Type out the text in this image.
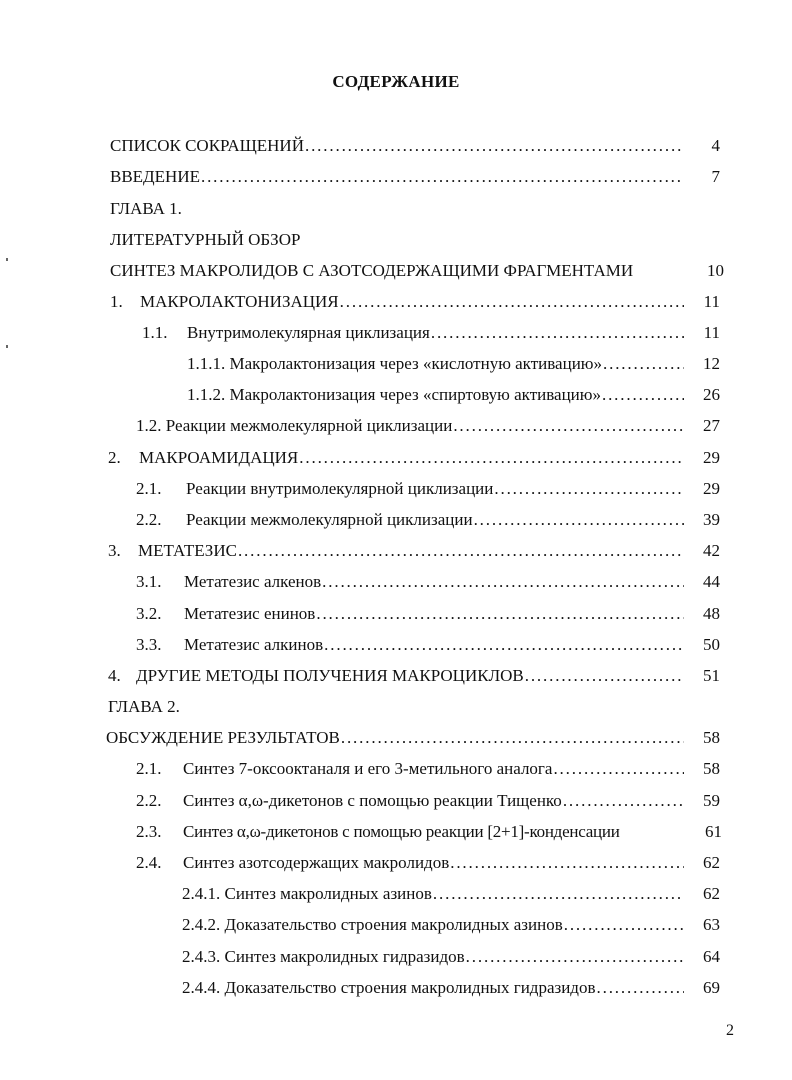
СОДЕРЖАНИЕ
СПИСОК СОКРАЩЕНИЙ . . .	4
ВВЕДЕНИЕ . . .	7
ГЛАВА 1.
ЛИТЕРАТУРНЫЙ ОБЗОР
СИНТЕЗ МАКРОЛИДОВ С АЗОТСОДЕРЖАЩИМИ ФРАГМЕНТАМИ	10
1.	МАКРОЛАКТОНИЗАЦИЯ . . .	11
1.1.	Внутримолекулярная циклизация . . .	11
1.1.1. Макролактонизация через «кислотную активацию» . . .	12
1.1.2. Макролактонизация через «спиртовую активацию» . . .	26
1.2. Реакции межмолекулярной циклизации . . .	27
2.	МАКРОАМИДАЦИЯ . . .	29
2.1.	Реакции внутримолекулярной циклизации . . .	29
2.2.	Реакции межмолекулярной циклизации . . .	39
3.	МЕТАТЕЗИС . . .	42
3.1.	Метатезис алкенов . . .	44
3.2.	Метатезис енинов . . .	48
3.3.	Метатезис алкинов . . .	50
4. ДРУГИЕ МЕТОДЫ ПОЛУЧЕНИЯ МАКРОЦИКЛОВ . . .	51
ГЛАВА 2.
ОБСУЖДЕНИЕ РЕЗУЛЬТАТОВ . . .	58
2.1.	Синтез 7-оксооктаналя и его 3-метильного аналога . . .	58
2.2.	Синтез α,ω-дикетонов с помощью реакции Тищенко . . .	59
2.3.	Синтез α,ω-дикетонов с помощью реакции [2+1]-конденсации	61
2.4.	Синтез азотсодержащих макролидов . . .	62
2.4.1. Синтез макролидных азинов . . .	62
2.4.2. Доказательство строения макролидных азинов . . .	63
2.4.3. Синтез макролидных гидразидов . . .	64
2.4.4. Доказательство строения макролидных гидразидов . . .	69
2
